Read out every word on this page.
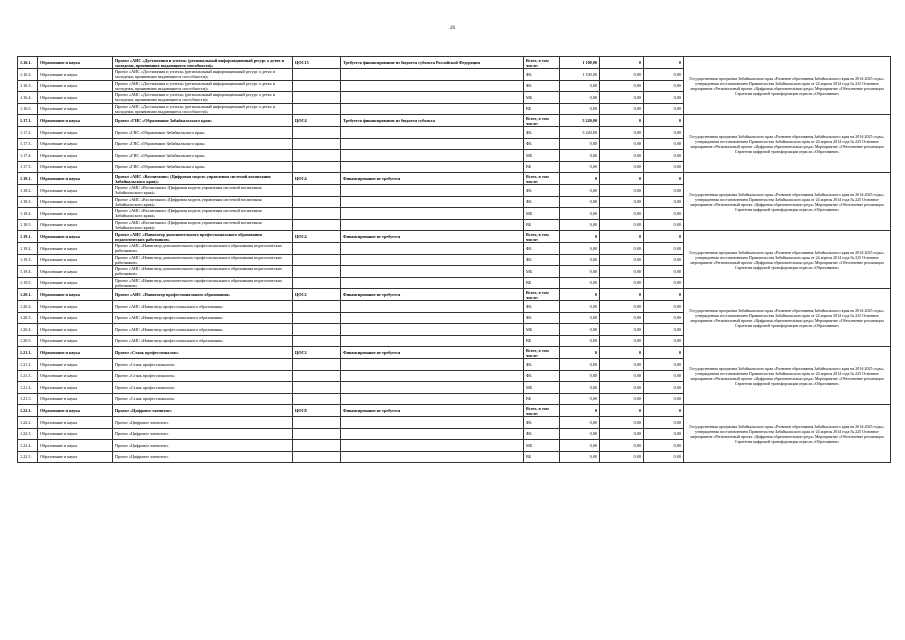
26
1.16.1.	Образование и наука	Проект «АИС «Достижения и успехи» (региональный информационный ресурс о детях и молодежи, проявивших выдающиеся способности)»	ЦОС15	Требуется финансирование из бюджета субъекта Российской Федерации	Всего, в том числе:	1 100,00	0	0	Государственная программа Забайкальского края «Развитие образования Забайкальского края на 2014-2025 годы», утвержденная постановлением Правительства Забайкальского края от 24 апреля 2014 года № 225 Основное мероприятие «Региональный проект «Цифровая образовательная среда» Мероприятие «Обеспечение реализации Стратегии цифровой трансформации отрасли «Образование»
1.16.2.	Образование и наука	Проект «АИС «Достижения и успехи» (региональный информационный ресурс о детях и молодежи, проявивших выдающиеся способности)»			ФБ	1 100,00	0,00	0,00	
1.16.3.	Образование и наука	Проект «АИС «Достижения и успехи» (региональный информационный ресурс о детях и молодежи, проявивших выдающиеся способности)»			ФБ	0,00	0,00	0,00	
1.16.4.	Образование и наука	Проект «АИС «Достижения и успехи» (региональный информационный ресурс о детях и молодежи, проявивших выдающиеся способности)»			МБ	0,00	0,00	0,00	
1.16.5.	Образование и наука	Проект «АИС «Достижения и успехи» (региональный информационный ресурс о детях и молодежи, проявивших выдающиеся способности)»			ВБ	0,00	0,00	0,00	
1.17.1.	Образование и наука	Проект «ГИС «Образование Забайкальского края»	ЦОС4	Требуется финансирование из бюджета субъекта	Всего, в том числе:	5 220,00	0	0	Государственная программа Забайкальского края «Развитие образования Забайкальского края на 2014-2025 годы», утвержденная постановлением Правительства Забайкальского края от 24 апреля 2014 года № 225 Основное мероприятие «Региональный проект «Цифровая образовательная среда» Мероприятие «Обеспечение реализации Стратегии цифровой трансформации отрасли «Образование»
1.17.2.	Образование и наука	Проект «ГИС «Образование Забайкальского края»			ФБ	5 220,00	0,00	0,00	
1.17.3.	Образование и наука	Проект «ГИС «Образование Забайкальского края»			ФБ	0,00	0,00	0,00	
1.17.4.	Образование и наука	Проект «ГИС «Образование Забайкальского края»			МБ	0,00	0,00	0,00	
1.17.5.	Образование и наука	Проект «ГИС «Образование Забайкальского края»			ВБ	0,00	0,00	0,00	
1.18.1.	Образование и наука	Проект «АИС «Воспитание» (Цифровая модель управления системой воспитания Забайкальского края)»	ЦОС4	Финансирование не требуется	Всего, в том числе:	0	0	0	Государственная программа Забайкальского края «Развитие образования Забайкальского края на 2014-2025 годы», утвержденная постановлением Правительства Забайкальского края от 24 апреля 2014 года № 225 Основное мероприятие «Региональный проект «Цифровая образовательная среда» Мероприятие «Обеспечение реализации Стратегии цифровой трансформации отрасли «Образование»
1.18.2.	Образование и наука	Проект «АИС «Воспитание» (Цифровая модель управления системой воспитания Забайкальского края)»			ФБ	0,00	0,00	0,00	
1.18.3.	Образование и наука	Проект «АИС «Воспитание» (Цифровая модель управления системой воспитания Забайкальского края)»			ФБ	0,00	0,00	0,00	
1.18.4.	Образование и наука	Проект «АИС «Воспитание» (Цифровая модель управления системой воспитания Забайкальского края)»			МБ	0,00	0,00	0,00	
1.18.5.	Образование и наука	Проект «АИС «Воспитание» (Цифровая модель управления системой воспитания Забайкальского края)»			ВБ	0,00	0,00	0,00	
1.19.1.	Образование и наука	Проект «АИС «Навигатор дополнительного профессионального образования педагогических работников»	ЦОС4	Финансирование не требуется	Всего, в том числе:	0	0	0	Государственная программа Забайкальского края «Развитие образования Забайкальского края на 2014-2025 годы», утвержденная постановлением Правительства Забайкальского края от 24 апреля 2014 года № 225 Основное мероприятие «Региональный проект «Цифровая образовательная среда» Мероприятие «Обеспечение реализации Стратегии цифровой трансформации отрасли «Образование»
1.19.2.	Образование и наука	Проект «АИС «Навигатор дополнительного профессионального образования педагогических работников»			ФБ	0,00	0,00	0,00	
1.19.3.	Образование и наука	Проект «АИС «Навигатор дополнительного профессионального образования педагогических работников»			ФБ	0,00	0,00	0,00	
1.19.4.	Образование и наука	Проект «АИС «Навигатор дополнительного профессионального образования педагогических работников»			МБ	0,00	0,00	0,00	
1.19.5.	Образование и наука	Проект «АИС «Навигатор дополнительного профессионального образования педагогических работников»			ВБ	0,00	0,00	0,00	
1.20.1.	Образование и наука	Проект «АИС «Навигатор профессионального образования»	ЦОС2	Финансирование не требуется	Всего, в том числе:	0	0	0	Государственная программа Забайкальского края «Развитие образования Забайкальского края на 2014-2025 годы», утвержденная постановлением Правительства Забайкальского края от 24 апреля 2014 года № 225 Основное мероприятие «Региональный проект «Цифровая образовательная среда» Мероприятие «Обеспечение реализации Стратегии цифровой трансформации отрасли «Образование»
1.20.2.	Образование и наука	Проект «АИС «Навигатор профессионального образования»			ФБ	0,00	0,00	0,00	
1.20.3.	Образование и наука	Проект «АИС «Навигатор профессионального образования»			ФБ	0,00	0,00	0,00	
1.20.4.	Образование и наука	Проект «АИС «Навигатор профессионального образования»			МБ	0,00	0,00	0,00	
1.20.5.	Образование и наука	Проект «АИС «Навигатор профессионального образования»			ВБ	0,00	0,00	0,00	
1.21.1.	Образование и наука	Проект «Стань профессионалом»	ЦОС2	Финансирование не требуется	Всего, в том числе:	0	0	0	Государственная программа Забайкальского края «Развитие образования Забайкальского края на 2014-2025 годы», утвержденная постановлением Правительства Забайкальского края от 24 апреля 2014 года № 225 Основное мероприятие «Региональный проект «Цифровая образовательная среда» Мероприятие «Обеспечение реализации Стратегии цифровой трансформации отрасли «Образование»
1.21.2.	Образование и наука	Проект «Стань профессионалом»			ФБ	0,00	0,00	0,00	
1.21.3.	Образование и наука	Проект «Стань профессионалом»			ФБ	0,00	0,00	0,00	
1.21.4.	Образование и наука	Проект «Стань профессионалом»			МБ	0,00	0,00	0,00	
1.21.5.	Образование и наука	Проект «Стань профессионалом»			ВБ	0,00	0,00	0,00	
1.22.1.	Образование и наука	Проект «Цифровое чаепитие»	ЦОС8	Финансирование не требуется	Всего, в том числе:	0	0	0	Государственная программа Забайкальского края «Развитие образования Забайкальского края на 2014-2025 годы», утвержденная постановлением Правительства Забайкальского края от 24 апреля 2014 года № 225 Основное мероприятие «Региональный проект «Цифровая образовательная среда» Мероприятие «Обеспечение реализации Стратегии цифровой трансформации отрасли «Образование»
1.22.2.	Образование и наука	Проект «Цифровое чаепитие»			ФБ	0,00	0,00	0,00	
1.22.3.	Образование и наука	Проект «Цифровое чаепитие»			ФБ	0,00	0,00	0,00	
1.22.4.	Образование и наука	Проект «Цифровое чаепитие»			МБ	0,00	0,00	0,00	
1.22.5.	Образование и наука	Проект «Цифровое чаепитие»			ВБ	0,00	0,00	0,00	
